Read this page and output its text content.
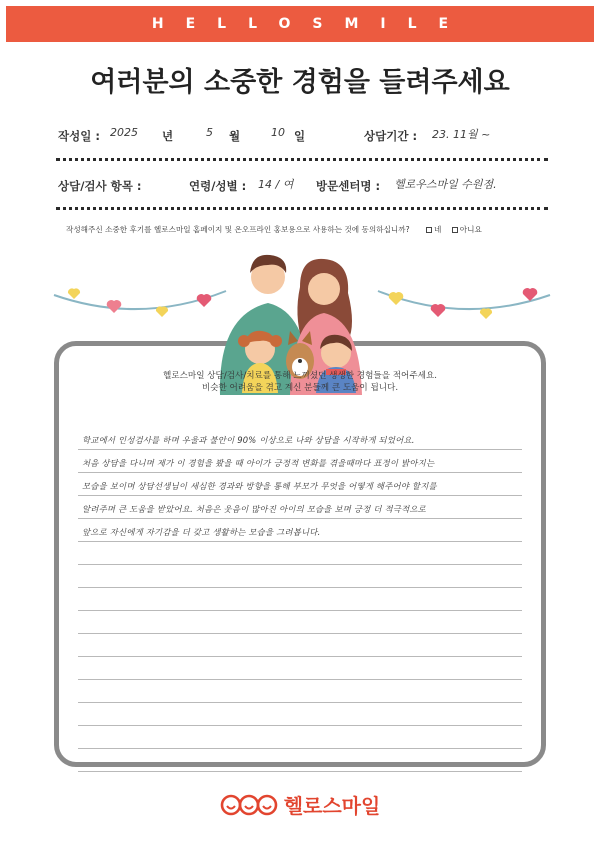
HELLOSMILE
여러분의 소중한 경험을 들려주세요
작성일 : 2025 년	5 월	10 일	상담기간 : 23. 11월 ~
상담/검사 항목 :	연령/성별 : 14 / 여 방문센터명 : 헬로우스마일 수원점.
작성해주신 소중한 후기를 헬로스마일 홈페이지 및 온오프라인 홍보용으로 사용하는 것에 동의하십니까?	네 아니요
헬로스마일 상담/검사/치료를 통해 느끼셨던 생생한 경험들을 적어주세요.
비슷한 어려움을 겪고 계신 분들께 큰 도움이 됩니다.
학교에서 인성검사를 하며 우울과 불안이 90% 이상으로 나와 상담을 시작하게 되었어요.
처음 상담을 다니며 제가 이 경험을 봤을 때 아이가 긍정적 변화를 겪을때마다 표정이 밝아지는
모습을 보이며 상담선생님이 세심한 경과와 방향을 통해 부모가 무엇을 어떻게 해주어야 할지를
알려주며 큰 도움을 받았어요. 처음은 웃음이 많아진 아이의 모습을 보며 긍정 더 적극적으로
앞으로 자신에게 자기감을 더 갖고 생활하는 모습을 그려봅니다.
헬로스마일
